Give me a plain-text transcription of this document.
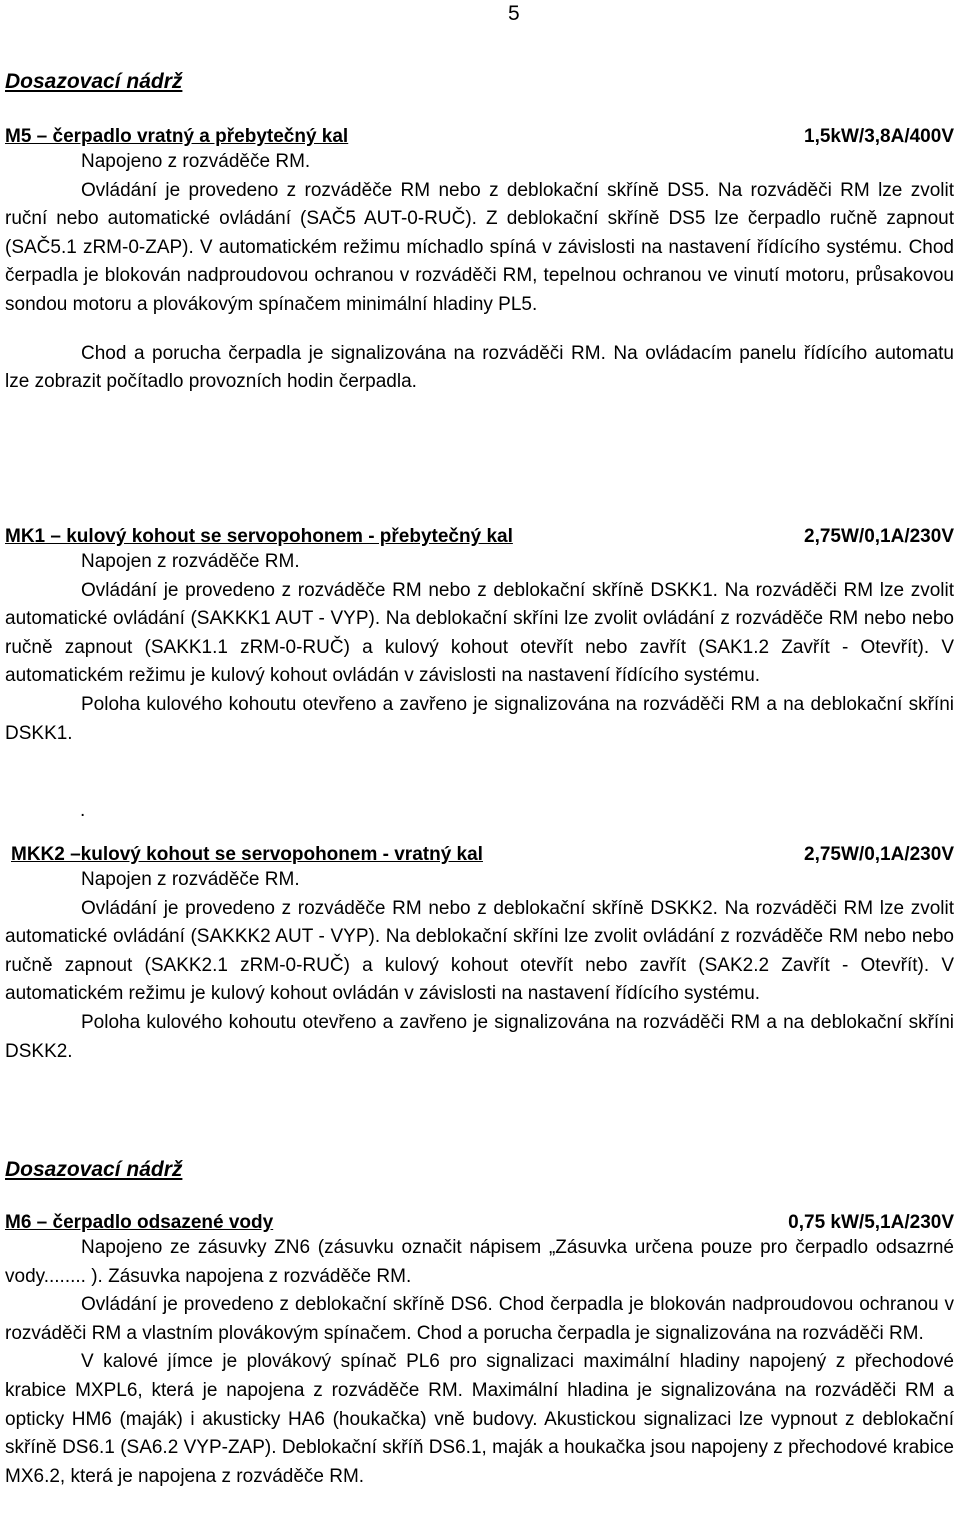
5
Dosazovací nádrž
M5 – čerpadlo vratný a přebytečný kal	1,5kW/3,8A/400V

Napojeno z rozváděče RM.

Ovládání je provedeno z rozváděče RM nebo z deblokační skříně DS5. Na rozváděči RM lze zvolit ruční nebo automatické ovládání (SAČ5 AUT-0-RUČ). Z deblokační skříně DS5 lze čerpadlo ručně zapnout (SAČ5.1 zRM-0-ZAP). V automatickém režimu míchadlo spíná v závislosti na nastavení řídícího systému. Chod čerpadla je blokován nadproudovou ochranou v rozváděči RM, tepelnou ochranou ve vinutí motoru, průsakovou sondou motoru a plovákovým spínačem minimální hladiny PL5.

Chod a porucha čerpadla je signalizována na rozváděči RM. Na ovládacím panelu řídícího automatu lze zobrazit počítadlo provozních hodin čerpadla.

MK1 – kulový kohout se servopohonem - přebytečný kal	2,75W/0,1A/230V

Napojen z rozváděče RM.

Ovládání je provedeno z rozváděče RM nebo z deblokační skříně DSKK1. Na rozváděči RM lze zvolit automatické ovládání (SAKKK1 AUT - VYP). Na deblokační skříni lze zvolit ovládání z rozváděče RM nebo nebo ručně zapnout (SAKK1.1 zRM-0-RUČ) a kulový kohout otevřít nebo zavřít (SAK1.2 Zavřít - Otevřít). V automatickém režimu je kulový kohout ovládán v závislosti na nastavení řídícího systému.

Poloha kulového kohoutu otevřeno a zavřeno je signalizována na rozváděči RM a na deblokační skříni DSKK1.

.
MKK2 –kulový kohout se servopohonem - vratný kal	2,75W/0,1A/230V

Napojen z rozváděče RM.

Ovládání je provedeno z rozváděče RM nebo z deblokační skříně DSKK2. Na rozváděči RM lze zvolit automatické ovládání (SAKKK2 AUT - VYP). Na deblokační skříni lze zvolit ovládání z rozváděče RM nebo nebo ručně zapnout (SAKK2.1 zRM-0-RUČ) a kulový kohout otevřít nebo zavřít (SAK2.2 Zavřít - Otevřít). V automatickém režimu je kulový kohout ovládán v závislosti na nastavení řídícího systému.

Poloha kulového kohoutu otevřeno a zavřeno je signalizována na rozváděči RM a na deblokační skříni DSKK2.

Dosazovací nádrž
M6 – čerpadlo odsazené vody	0,75 kW/5,1A/230V

Napojeno ze zásuvky ZN6 (zásuvku označit nápisem „Zásuvka určena pouze pro čerpadlo odsazrné vody........ ). Zásuvka napojena z rozváděče RM.

Ovládání je provedeno z deblokační skříně DS6. Chod čerpadla je blokován nadproudovou ochranou v rozváděči RM a vlastním plovákovým spínačem. Chod a porucha čerpadla je signalizována na rozváděči RM.

V kalové jímce je plovákový spínač PL6 pro signalizaci maximální hladiny napojený z přechodové krabice MXPL6, která je napojena z rozváděče RM. Maximální hladina je signalizována na rozváděči RM a opticky HM6 (maják) i akusticky HA6 (houkačka) vně budovy. Akustickou signalizaci lze vypnout z deblokační skříně DS6.1 (SA6.2 VYP-ZAP). Deblokační skříň DS6.1, maják a houkačka jsou napojeny z přechodové krabice MX6.2, která je napojena z rozváděče RM.
